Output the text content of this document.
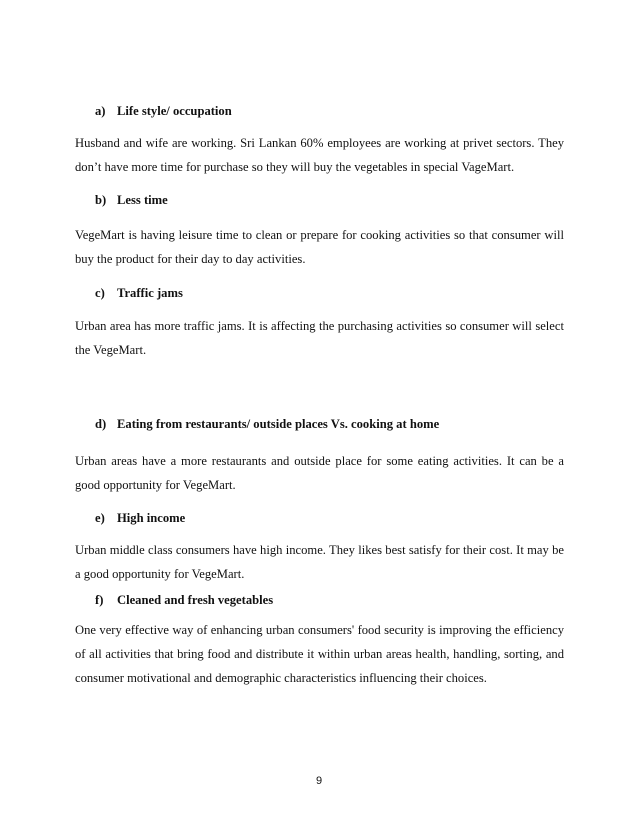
a) Life style/ occupation
Husband and wife are working. Sri Lankan 60% employees are working at privet sectors. They don’t have more time for purchase so they will buy the vegetables in special VageMart.
b) Less time
VegeMart is having leisure time to clean or prepare for cooking activities so that consumer will buy the product for their day to day activities.
c) Traffic jams
Urban area has more traffic jams. It is affecting the purchasing activities so consumer will select the VegeMart.
d) Eating from restaurants/ outside places Vs. cooking at home
Urban areas have a more restaurants and outside place for some eating activities. It can be a good opportunity for VegeMart.
e) High income
Urban middle class consumers have high income. They likes best satisfy for their cost. It may be a good opportunity for VegeMart.
f) Cleaned and fresh vegetables
One very effective way of enhancing urban consumers' food security is improving the efficiency of all activities that bring food and distribute it within urban areas health, handling, sorting, and consumer motivational and demographic characteristics influencing their choices.
9
